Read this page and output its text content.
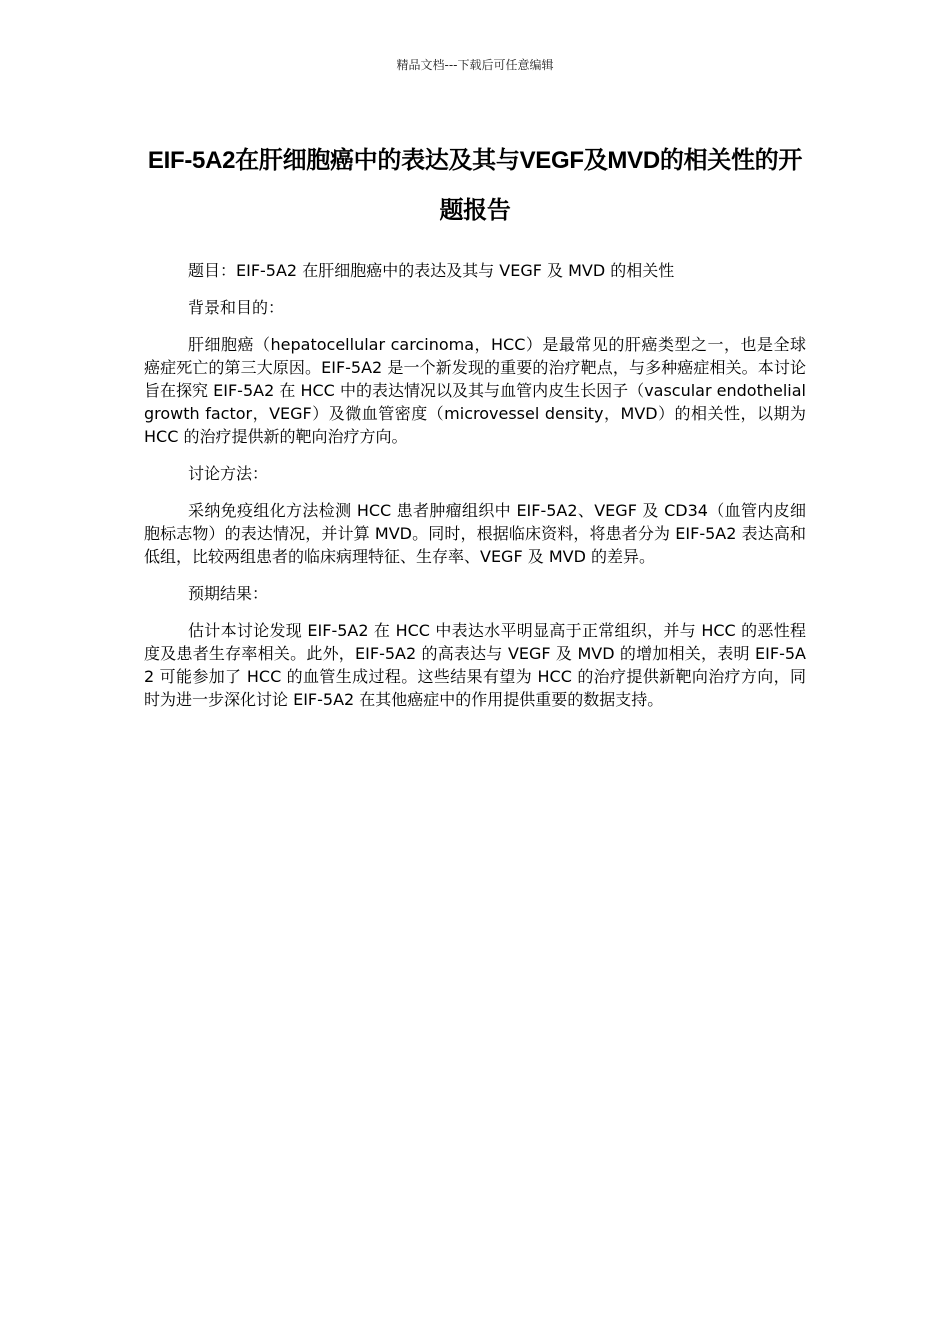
精品文档---下载后可任意编辑
EIF-5A2在肝细胞癌中的表达及其与VEGF及MVD的相关性的开题报告

题目：EIF-5A2 在肝细胞癌中的表达及其与 VEGF 及 MVD 的相关性

背景和目的：

肝细胞癌（hepatocellular carcinoma，HCC）是最常见的肝癌类型之一，也是全球癌症死亡的第三大原因。EIF-5A2 是一个新发现的重要的治疗靶点，与多种癌症相关。本讨论旨在探究 EIF-5A2 在 HCC 中的表达情况以及其与血管内皮生长因子（vascular endothelial growth factor，VEGF）及微血管密度（microvessel density，MVD）的相关性，以期为 HCC 的治疗提供新的靶向治疗方向。

讨论方法：

采纳免疫组化方法检测 HCC 患者肿瘤组织中 EIF-5A2、VEGF 及 CD34（血管内皮细胞标志物）的表达情况，并计算 MVD。同时，根据临床资料，将患者分为 EIF-5A2 表达高和低组，比较两组患者的临床病理特征、生存率、VEGF 及 MVD 的差异。

预期结果：

估计本讨论发现 EIF-5A2 在 HCC 中表达水平明显高于正常组织，并与 HCC 的恶性程度及患者生存率相关。此外，EIF-5A2 的高表达与 VEGF 及 MVD 的增加相关，表明 EIF-5A2 可能参加了 HCC 的血管生成过程。这些结果有望为 HCC 的治疗提供新靶向治疗方向，同时为进一步深化讨论 EIF-5A2 在其他癌症中的作用提供重要的数据支持。
